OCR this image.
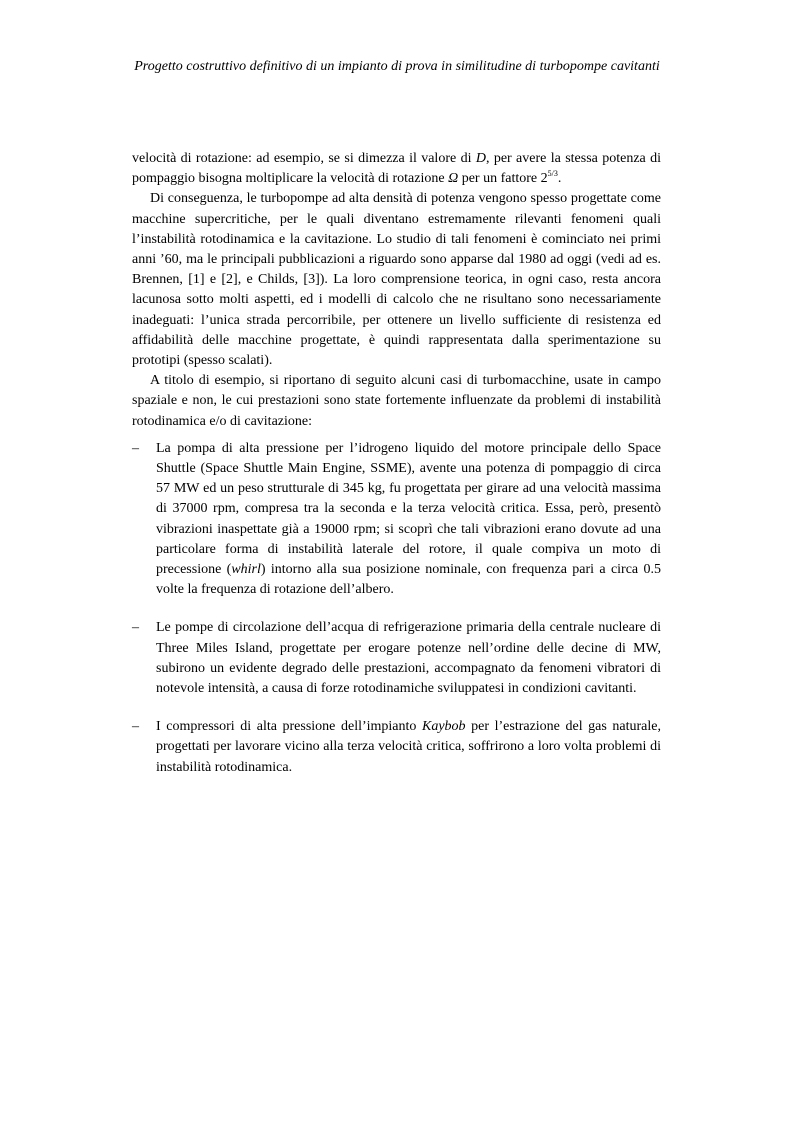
Progetto costruttivo definitivo di un impianto di prova in similitudine di turbopompe cavitanti

velocità di rotazione: ad esempio, se si dimezza il valore di D, per avere la stessa potenza di pompaggio bisogna moltiplicare la velocità di rotazione Ω per un fattore $2^{5/3}$.

Di conseguenza, le turbopompe ad alta densità di potenza vengono spesso progettate come macchine supercritiche, per le quali diventano estremamente rilevanti fenomeni quali l’instabilità rotodinamica e la cavitazione. Lo studio di tali fenomeni è cominciato nei primi anni ’60, ma le principali pubblicazioni a riguardo sono apparse dal 1980 ad oggi (vedi ad es. Brennen, [1] e [2], e Childs, [3]). La loro comprensione teorica, in ogni caso, resta ancora lacunosa sotto molti aspetti, ed i modelli di calcolo che ne risultano sono necessariamente inadeguati: l’unica strada percorribile, per ottenere un livello sufficiente di resistenza ed affidabilità delle macchine progettate, è quindi rappresentata dalla sperimentazione su prototipi (spesso scalati).

A titolo di esempio, si riportano di seguito alcuni casi di turbomacchine, usate in campo spaziale e non, le cui prestazioni sono state fortemente influenzate da problemi di instabilità rotodinamica e/o di cavitazione:

– La pompa di alta pressione per l’idrogeno liquido del motore principale dello Space Shuttle (Space Shuttle Main Engine, SSME), avente una potenza di pompaggio di circa 57 MW ed un peso strutturale di 345 kg, fu progettata per girare ad una velocità massima di 37000 rpm, compresa tra la seconda e la terza velocità critica. Essa, però, presentò vibrazioni inaspettate già a 19000 rpm; si scoprì che tali vibrazioni erano dovute ad una particolare forma di instabilità laterale del rotore, il quale compiva un moto di precessione (whirl) intorno alla sua posizione nominale, con frequenza pari a circa 0.5 volte la frequenza di rotazione dell’albero.
– Le pompe di circolazione dell’acqua di refrigerazione primaria della centrale nucleare di Three Miles Island, progettate per erogare potenze nell’ordine delle decine di MW, subirono un evidente degrado delle prestazioni, accompagnato da fenomeni vibratori di notevole intensità, a causa di forze rotodinamiche sviluppatesi in condizioni cavitanti.
– I compressori di alta pressione dell’impianto Kaybob per l’estrazione del gas naturale, progettati per lavorare vicino alla terza velocità critica, soffrirono a loro volta problemi di instabilità rotodinamica.
